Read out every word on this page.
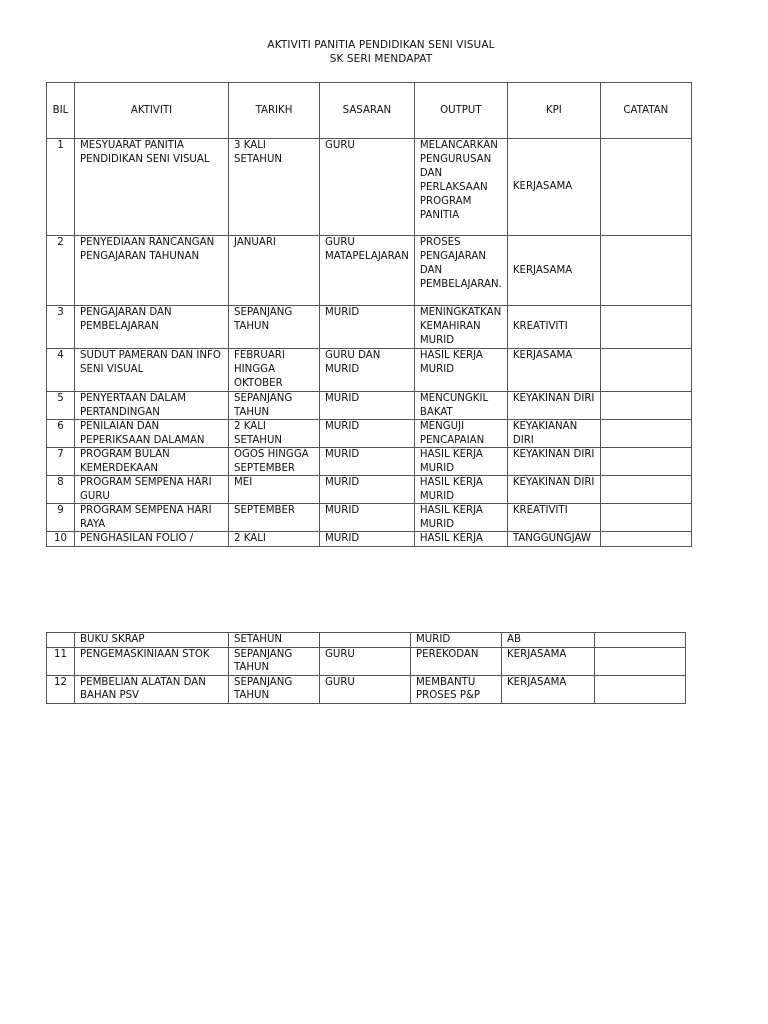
AKTIVITI PANITIA PENDIDIKAN SENI VISUAL
SK SERI MENDAPAT
BIL	AKTIVITI	TARIKH	SASARAN	OUTPUT	KPI	CATATAN
1	MESYUARAT PANITIA PENDIDIKAN SENI VISUAL	3 KALI SETAHUN	GURU	MELANCARKAN PENGURUSAN DAN PERLAKSAAN PROGRAM PANITIA	KERJASAMA	
2	PENYEDIAAN RANCANGAN PENGAJARAN TAHUNAN	JANUARI	GURU MATAPELAJARAN	PROSES PENGAJARAN DAN PEMBELAJARAN.	KERJASAMA	
3	PENGAJARAN DAN PEMBELAJARAN	SEPANJANG TAHUN	MURID	MENINGKATKAN KEMAHIRAN MURID	KREATIVITI	
4	SUDUT PAMERAN DAN INFO SENI VISUAL	FEBRUARI HINGGA OKTOBER	GURU DAN MURID	HASIL KERJA MURID	KERJASAMA	
5	PENYERTAAN DALAM PERTANDINGAN	SEPANJANG TAHUN	MURID	MENCUNGKIL BAKAT	KEYAKINAN DIRI	
6	PENILAIAN DAN PEPERIKSAAN DALAMAN	2 KALI SETAHUN	MURID	MENGUJI PENCAPAIAN	KEYAKIANAN DIRI	
7	PROGRAM BULAN KEMERDEKAAN	OGOS HINGGA SEPTEMBER	MURID	HASIL KERJA MURID	KEYAKINAN DIRI	
8	PROGRAM SEMPENA HARI GURU	MEI	MURID	HASIL KERJA MURID	KEYAKINAN DIRI	
9	PROGRAM SEMPENA HARI RAYA	SEPTEMBER	MURID	HASIL KERJA MURID	KREATIVITI	
10	PENGHASILAN FOLIO /	2 KALI	MURID	HASIL KERJA	TANGGUNGJAW	
	BUKU SKRAP	SETAHUN		MURID	AB	
11	PENGEMASKINIAAN STOK	SEPANJANG TAHUN	GURU	PEREKODAN	KERJASAMA	
12	PEMBELIAN ALATAN DAN BAHAN PSV	SEPANJANG TAHUN	GURU	MEMBANTU PROSES P&P	KERJASAMA	
